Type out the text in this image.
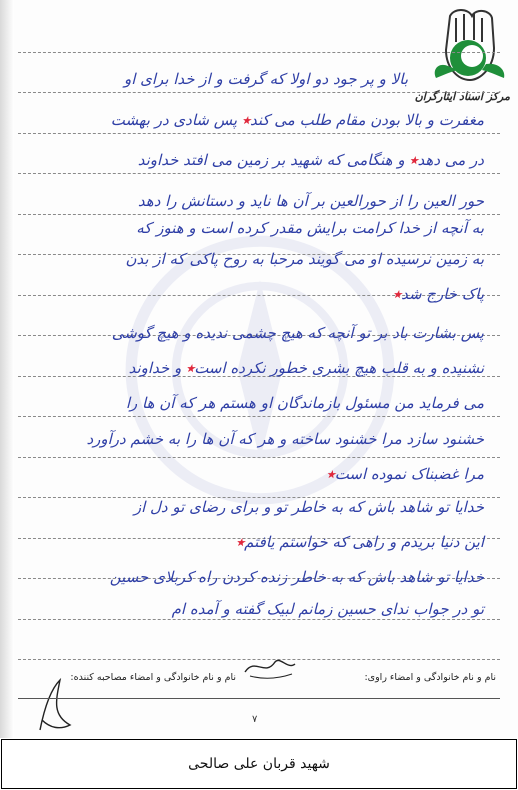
مرکز اسناد ایثارگران
بالا و پر جود دو اولا که گرفت و از خدا برای او
مغفرت و بالا بودن مقام طلب می کند٭ پس شادی در بهشت
در می دهد٭ و هنگامی که شهید بر زمین می افتد خداوند
حور العین را از حورالعین بر آن ها ناید و دستانش را دهد
به آنچه از خدا کرامت برایش مقدر کرده است و هنوز که
به زمین نرسیده او می گویند مرحبا به روح پاکی که از بدن
پاک خارج شد٭
پس بشارت باد بر تو آنچه که هیچ چشمی ندیده و هیچ گوشی
نشنیده و به قلب هیچ بشری خطور نکرده است٭ و خداوند
می فرماید من مسئول بازماندگان او هستم هر که آن ها را
خشنود سازد مرا خشنود ساخته و هر که آن ها را به خشم درآورد
مرا غضبناک نموده است٭
خدایا تو شاهد باش که به خاطر تو و برای رضای تو دل از
این دنیا بریدم و راهی که خواستم یافتم٭
خدایا تو شاهد باش که به خاطر زنده کردن راه کربلای حسین
تو در جواب ندای حسین زمانم لبیک گفته و آمده ام
نام و نام خانوادگی و امضاء راوی:
نام و نام خانوادگی و امضاء مصاحبه کننده:
۷
شهید قربان علی صالحی
